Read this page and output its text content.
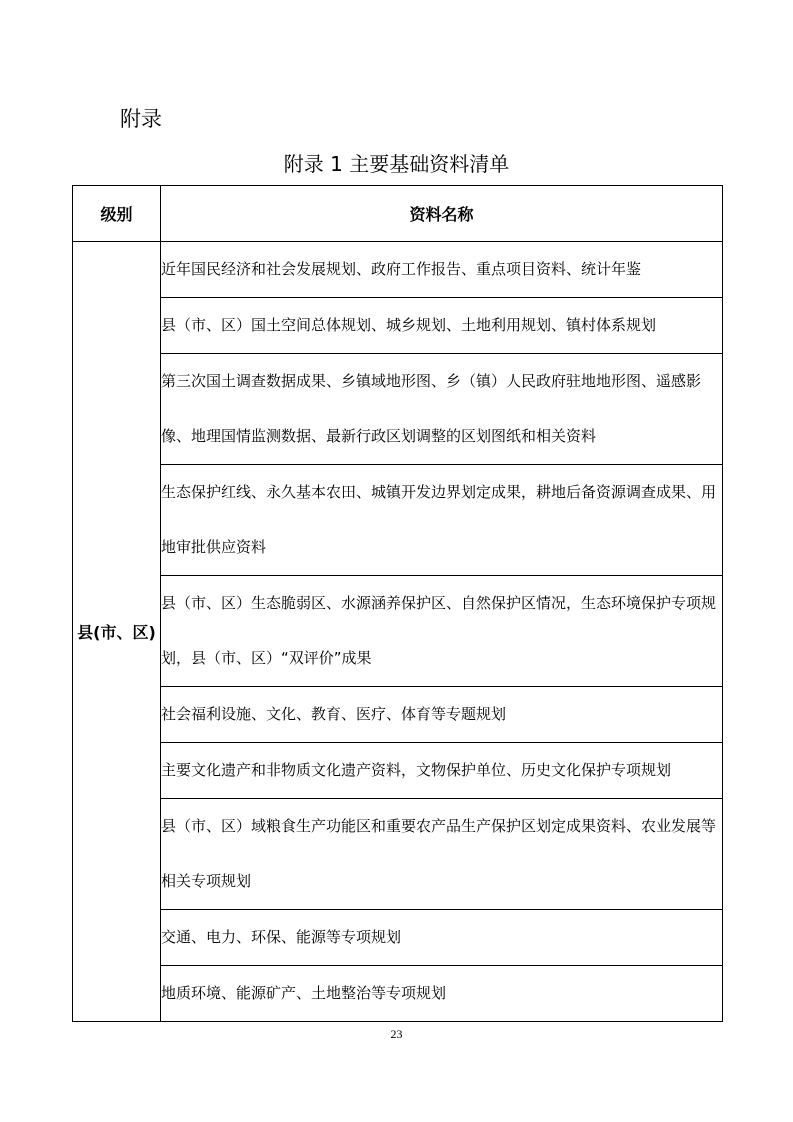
附录
附录 1 主要基础资料清单
级别	资料名称
县(市、区)	近年国民经济和社会发展规划、政府工作报告、重点项目资料、统计年鉴
	县（市、区）国土空间总体规划、城乡规划、土地利用规划、镇村体系规划
	第三次国土调查数据成果、乡镇域地形图、乡（镇）人民政府驻地地形图、遥感影像、地理国情监测数据、最新行政区划调整的区划图纸和相关资料
	生态保护红线、永久基本农田、城镇开发边界划定成果，耕地后备资源调查成果、用地审批供应资料
	县（市、区）生态脆弱区、水源涵养保护区、自然保护区情况，生态环境保护专项规划，县（市、区）“双评价”成果
	社会福利设施、文化、教育、医疗、体育等专题规划
	主要文化遗产和非物质文化遗产资料，文物保护单位、历史文化保护专项规划
	县（市、区）域粮食生产功能区和重要农产品生产保护区划定成果资料、农业发展等相关专项规划
	交通、电力、环保、能源等专项规划
	地质环境、能源矿产、土地整治等专项规划
23
